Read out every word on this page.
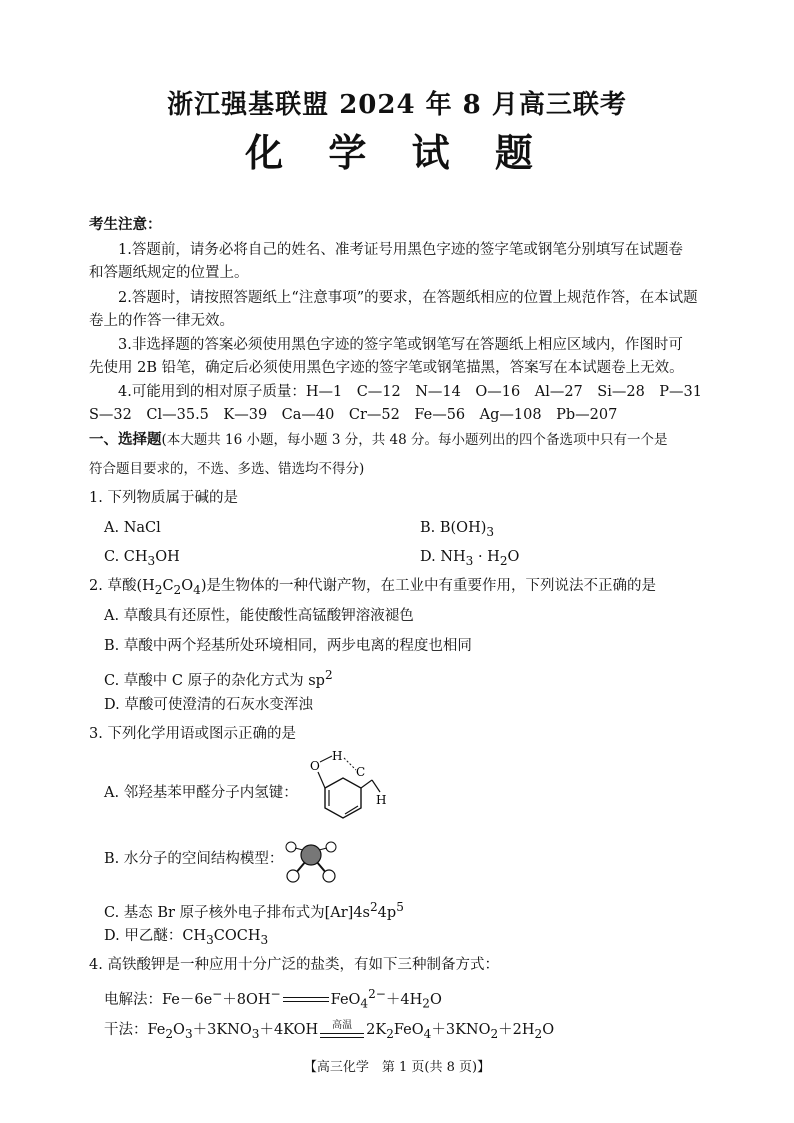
浙江强基联盟 2024 年 8 月高三联考
化 学 试 题
考生注意：
1.答题前，请务必将自己的姓名、准考证号用黑色字迹的签字笔或钢笔分别填写在试题卷
和答题纸规定的位置上。
2.答题时，请按照答题纸上“注意事项”的要求，在答题纸相应的位置上规范作答，在本试题
卷上的作答一律无效。
3.非选择题的答案必须使用黑色字迹的签字笔或钢笔写在答题纸上相应区域内，作图时可
先使用 2B 铅笔，确定后必须使用黑色字迹的签字笔或钢笔描黑，答案写在本试题卷上无效。
4.可能用到的相对原子质量：H—1　C—12　N—14　O—16　Al—27　Si—28　P—31
S—32　Cl—35.5　K—39　Ca—40　Cr—52　Fe—56　Ag—108　Pb—207
一、选择题(本大题共 16 小题，每小题 3 分，共 48 分。每小题列出的四个备选项中只有一个是
符合题目要求的，不选、多选、错选均不得分)
1. 下列物质属于碱的是
A. NaCl	B. $B(OH)_3$
C. $CH_3OH$	D. $NH_3 \cdot H_2O$
2. 草酸$(H_2C_2O_4)$是生物体的一种代谢产物，在工业中有重要作用，下列说法不正确的是
A. 草酸具有还原性，能使酸性高锰酸钾溶液褪色
B. 草酸中两个羟基所处环境相同，两步电离的程度也相同
C. 草酸中 C 原子的杂化方式为 $sp^2$
D. 草酸可使澄清的石灰水变浑浊
3. 下列化学用语或图示正确的是
A. 邻羟基苯甲醛分子内氢键：
O
H
C
H
B. 水分子的空间结构模型：
C. 基态 Br 原子核外电子排布式为$[Ar]4s^24p^5$
D. 甲乙醚：$CH_3COCH_3$
4. 高铁酸钾是一种应用十分广泛的盐类，有如下三种制备方式：
电解法：Fe－6e−＋8OH−	$FeO_4^{2-}+4H_2O$
干法：$Fe_2O_3+3KNO_3+4KOH$	高温 $2K_2FeO_4+3KNO_2+2H_2O$
【高三化学　第 1 页(共 8 页)】
